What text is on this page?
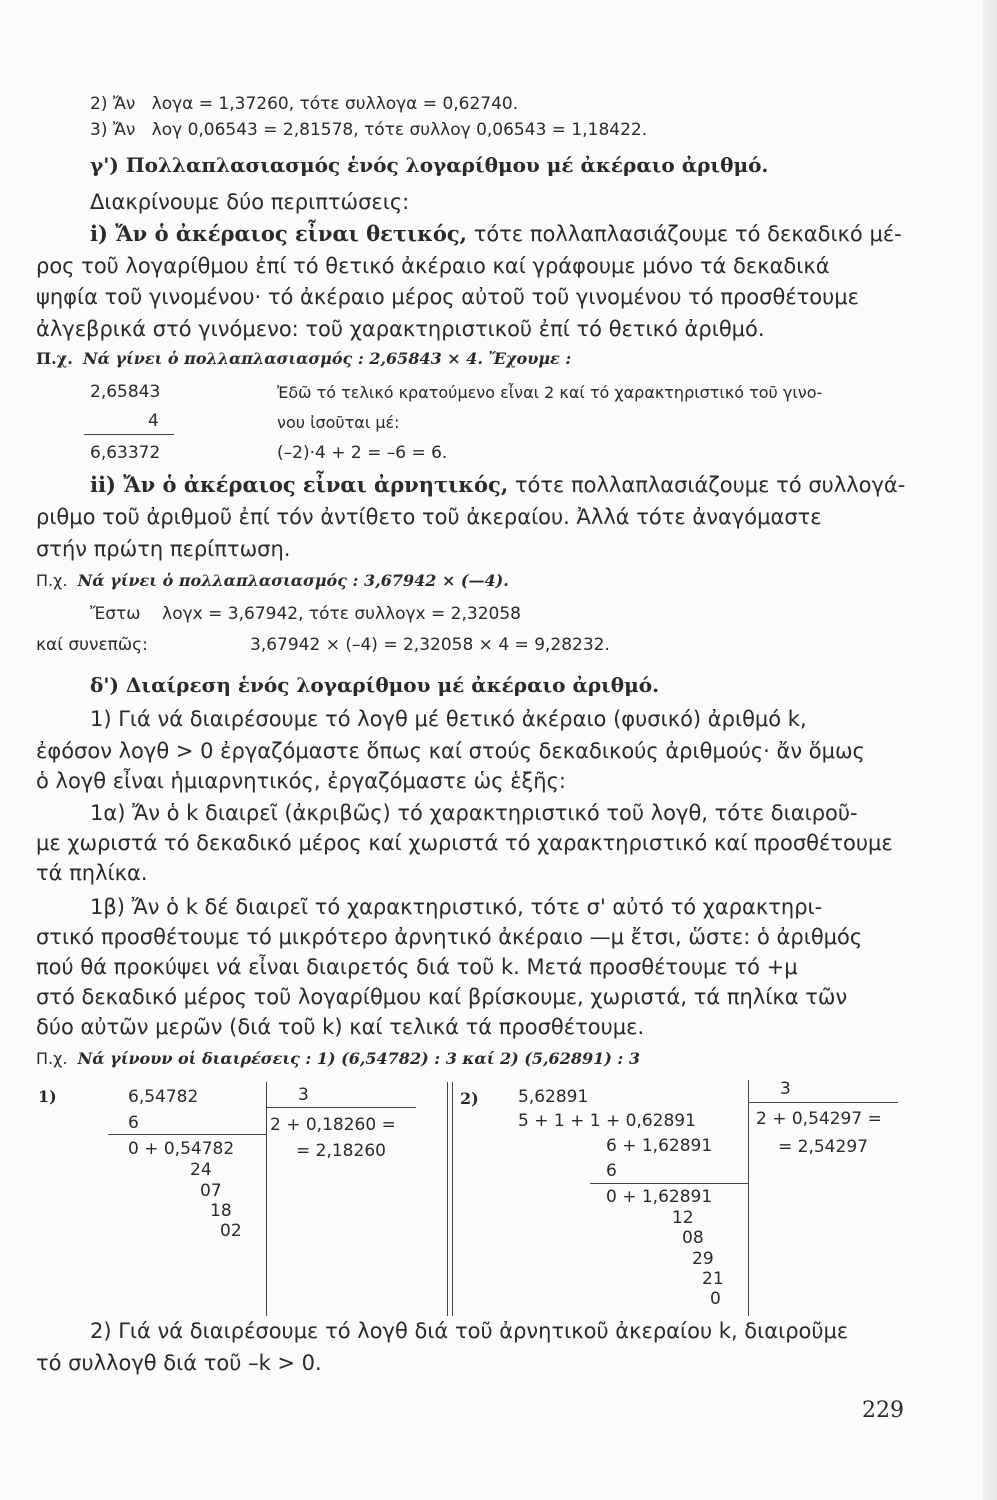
2) Ἄν λογα = 1,37260, τότε συλλογα = 0,62740.
3) Ἄν λογ 0,06543 = 2,81578, τότε συλλογ 0,06543 = 1,18422.
γ') Πολλαπλασιασμός ἑνός λογαρίθμου μέ ἀκέραιο ἀριθμό.
Διακρίνουμε δύο περιπτώσεις:
i) Ἄν ὁ ἀκέραιος εἶναι θετικός, τότε πολλαπλασιάζουμε τό δεκαδικό μέ-
ρος τοῦ λογαρίθμου ἐπί τό θετικό ἀκέραιο καί γράφουμε μόνο τά δεκαδικά
ψηφία τοῦ γινομένου· τό ἀκέραιο μέρος αὐτοῦ τοῦ γινομένου τό προσθέτουμε
ἀλγεβρικά στό γινόμενο: τοῦ χαρακτηριστικοῦ ἐπί τό θετικό ἀριθμό.
Π.χ. Νά γίνει ὁ πολλαπλασιασμός : 2,65843 × 4. Ἔχουμε :
2,65843
4
6,63372
Ἐδῶ τό τελικό κρατούμενο εἶναι 2 καί τό χαρακτηριστικό τοῦ γινο-
νου ἰσοῦται μέ:
(–2)·4 + 2 = –6 = 6.
ii) Ἄν ὁ ἀκέραιος εἶναι ἀρνητικός, τότε πολλαπλασιάζουμε τό συλλογά-
ριθμο τοῦ ἀριθμοῦ ἐπί τόν ἀντίθετο τοῦ ἀκεραίου. Ἀλλά τότε ἀναγόμαστε
στήν πρώτη περίπτωση.
Π.χ. Νά γίνει ὁ πολλαπλασιασμός : 3,67942 × (—4).
Ἔστω λογx = 3,67942, τότε συλλογx = 2,32058
καί συνεπῶς:	3,67942 × (–4) = 2,32058 × 4 = 9,28232.
δ') Διαίρεση ἑνός λογαρίθμου μέ ἀκέραιο ἀριθμό.
1) Γιά νά διαιρέσουμε τό λογθ μέ θετικό ἀκέραιο (φυσικό) ἀριθμό k,
ἐφόσον λογθ > 0 ἐργαζόμαστε ὅπως καί στούς δεκαδικούς ἀριθμούς· ἄν ὅμως
ὁ λογθ εἶναι ἡμιαρνητικός, ἐργαζόμαστε ὡς ἑξῆς:
1α) Ἄν ὁ k διαιρεῖ (ἀκριβῶς) τό χαρακτηριστικό τοῦ λογθ, τότε διαιροῦ-
με χωριστά τό δεκαδικό μέρος καί χωριστά τό χαρακτηριστικό καί προσθέτουμε
τά πηλίκα.
1β) Ἄν ὁ k δέ διαιρεῖ τό χαρακτηριστικό, τότε σ' αὐτό τό χαρακτηρι-
στικό προσθέτουμε τό μικρότερο ἀρνητικό ἀκέραιο —μ ἔτσι, ὥστε: ὁ ἀριθμός
πού θά προκύψει νά εἶναι διαιρετός διά τοῦ k. Μετά προσθέτουμε τό +μ
στό δεκαδικό μέρος τοῦ λογαρίθμου καί βρίσκουμε, χωριστά, τά πηλίκα τῶν
δύο αὐτῶν μερῶν (διά τοῦ k) καί τελικά τά προσθέτουμε.
Π.χ. Νά γίνουν οἱ διαιρέσεις : 1) (6,54782) : 3 καί 2) (5,62891) : 3
1)	6,54782
6
0 + 0,54782
24
07
18
02
3
2 + 0,18260 =
= 2,18260
2) 5,62891
5 + 1 + 1 + 0,62891
6 + 1,62891
6
0 + 1,62891
12
08
29
21
0
3
2 + 0,54297 =
= 2,54297
2) Γιά νά διαιρέσουμε τό λογθ διά τοῦ ἀρνητικοῦ ἀκεραίου k, διαιροῦμε
τό συλλογθ διά τοῦ –k > 0.
229
